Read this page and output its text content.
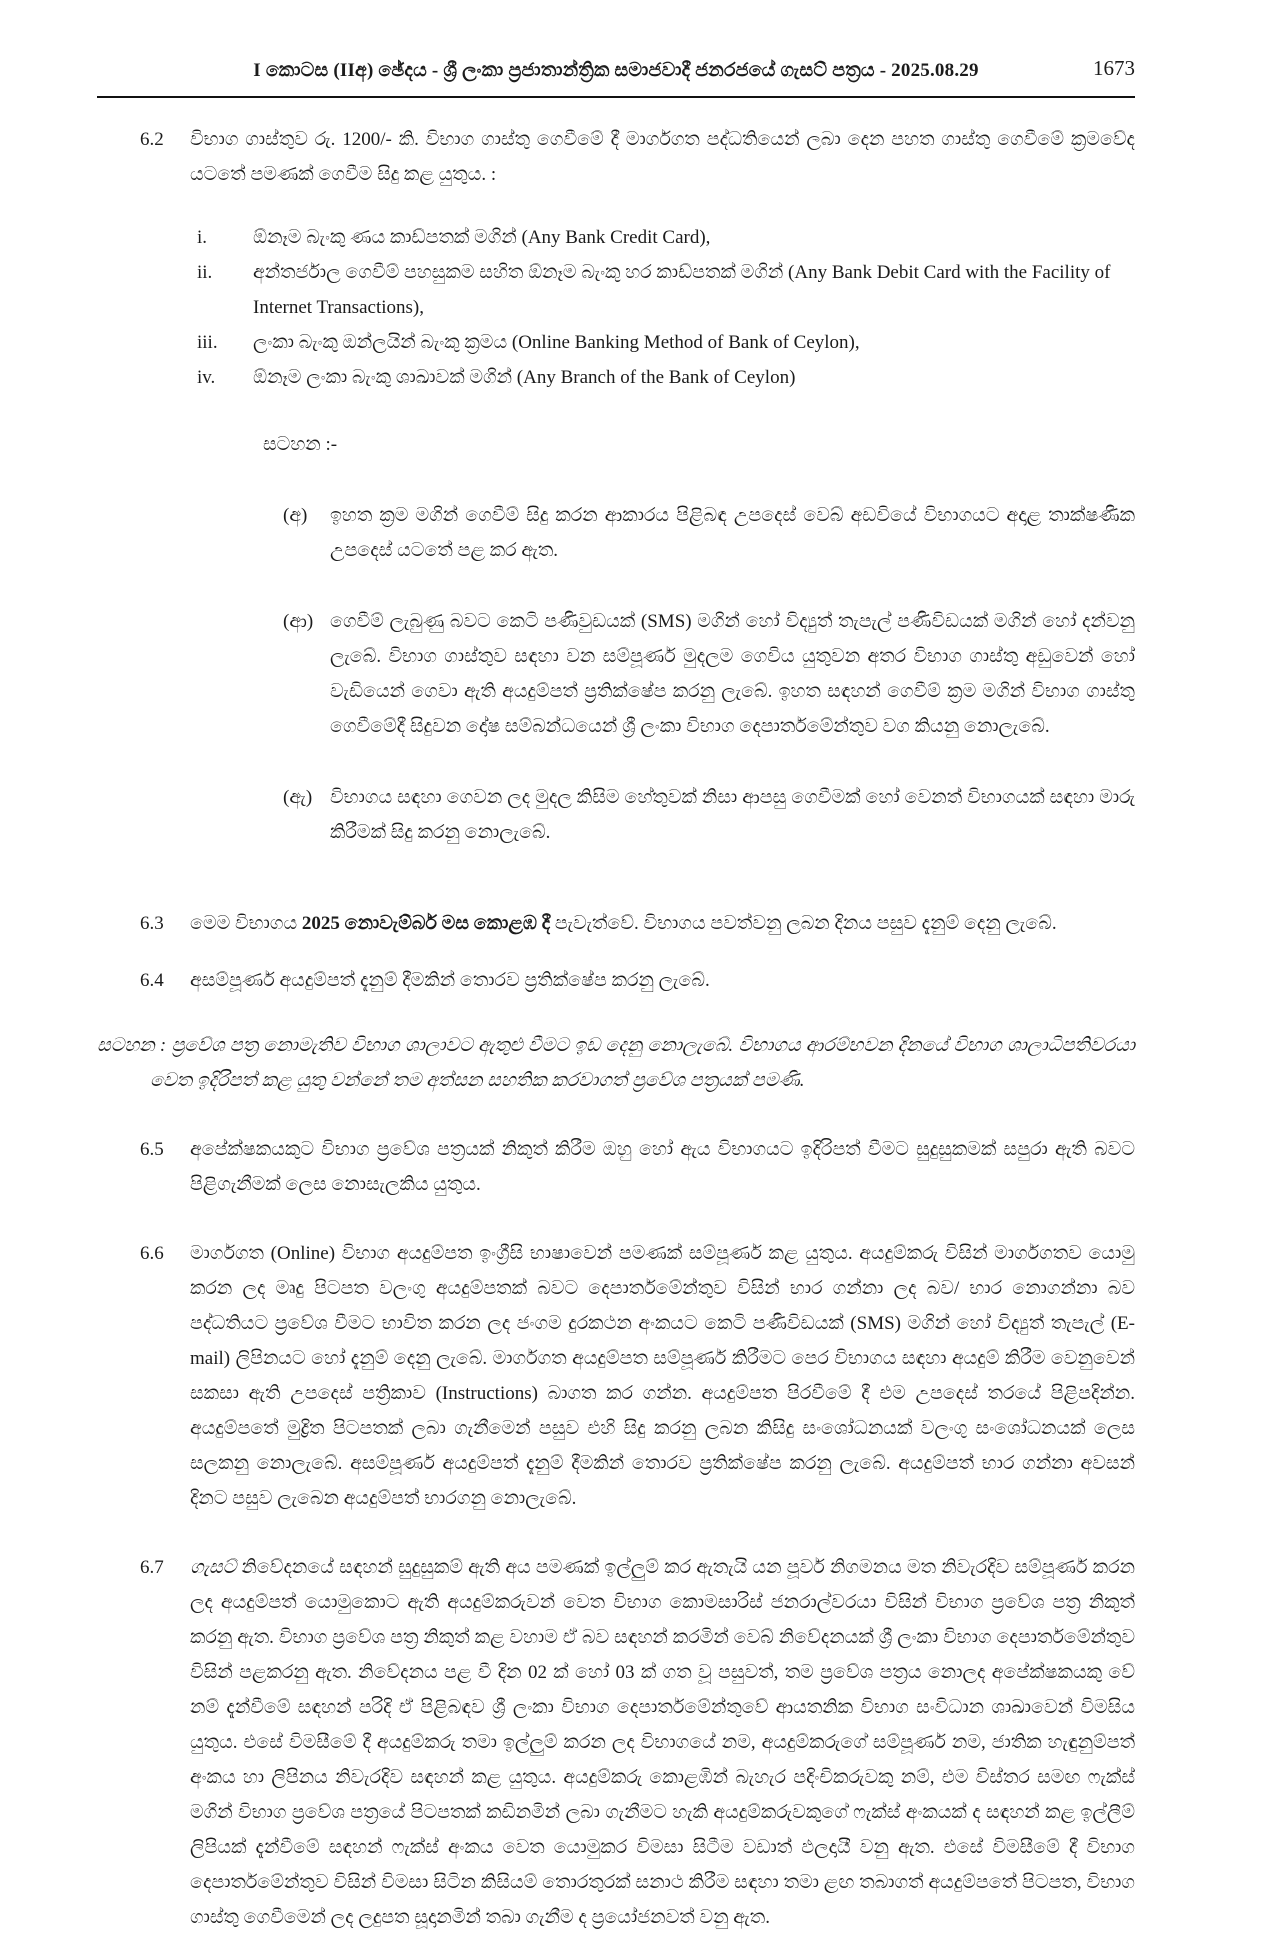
I කොටස (IIඅ) ඡේදය - ශ්‍රී ලංකා ප්‍රජාතාන්ත්‍රික සමාජවාදී ජනරජයේ ගැසට් පත්‍රය - 2025.08.29	1673
6.2	විභාග ගාස්තුව රු. 1200/- කි. විභාග ගාස්තු ගෙවීමේ දී මාර්ගගත පද්ධතියෙන් ලබා දෙන පහත ගාස්තු ගෙවීමේ ක්‍රමවේද යටතේ පමණක් ගෙවීම සිදු කළ යුතුය. :
i.	ඕනෑම බැංකු ණය කාඩ්පතක් මගින් (Any Bank Credit Card),
ii.	අන්තර්ජාල ගෙවීම් පහසුකම සහිත ඕනෑම බැංකු හර කාඩ්පතක් මගින් (Any Bank Debit Card with the Facility of Internet Transactions),
iii.	ලංකා බැංකු ඔන්ලයින් බැංකු ක්‍රමය (Online Banking Method of Bank of Ceylon),
iv.	ඕනෑම ලංකා බැංකු ශාඛාවක් මගින් (Any Branch of the Bank of Ceylon)
සටහන :-
(අ)	ඉහත ක්‍රම මගින් ගෙවීම් සිදු කරන ආකාරය පිළිබඳ උපදෙස් වෙබ් අඩවියේ විභාගයට අදාළ තාක්ෂණික උපදෙස් යටතේ පළ කර ඇත.
(ආ) ගෙවීම් ලැබුණු බවට කෙටි පණිවුඩයක් (SMS) මගින් හෝ විද්‍යුත් තැපැල් පණිවිඩයක් මගින් හෝ දන්වනු ලැබේ. විභාග ගාස්තුව සඳහා වන සම්පූර්ණ මුදලම ගෙවිය යුතුවන අතර විභාග ගාස්තු අඩුවෙන් හෝ වැඩියෙන් ගෙවා ඇති අයදුම්පත් ප්‍රතික්ෂේප කරනු ලැබේ. ඉහත සඳහන් ගෙවීම් ක්‍රම මගින් විභාග ගාස්තු ගෙවීමේදී සිදුවන දෝෂ සම්බන්ධයෙන් ශ්‍රී ලංකා විභාග දෙපාර්තමේන්තුව වග කියනු නොලැබේ.
(ඇ) විභාගය සඳහා ගෙවන ලද මුදල කිසිම හේතුවක් නිසා ආපසු ගෙවීමක් හෝ වෙනත් විභාගයක් සඳහා මාරු කිරීමක් සිදු කරනු නොලැබේ.
6.3	මෙම විභාගය 2025 නොවැම්බර් මස කොළඹ දී පැවැත්වේ. විභාගය පවත්වනු ලබන දිනය පසුව දැනුම් දෙනු ලැබේ.
6.4	අසම්පූර්ණ අයදුම්පත් දැනුම් දීමකින් තොරව ප්‍රතික්ෂේප කරනු ලැබේ.

සටහන : ප්‍රවේශ පත්‍ර නොමැතිව විභාග ශාලාවට ඇතුළු වීමට ඉඩ දෙනු නොලැබේ. විභාගය ආරම්භවන දිනයේ විභාග ශාලාධිපතිවරයා වෙත ඉදිරිපත් කළ යුතු වන්නේ තම අත්සන සහතික කරවාගත් ප්‍රවේශ පත්‍රයක් පමණි.

6.5	අපේක්ෂකයකුට විභාග ප්‍රවේශ පත්‍රයක් නිකුත් කිරීම ඔහු හෝ ඇය විභාගයට ඉදිරිපත් වීමට සුදුසුකමක් සපුරා ඇති බවට පිළිගැනීමක් ලෙස නොසැලකිය යුතුය.
6.6	මාර්ගගත (Online) විභාග අයදුම්පත ඉංග්‍රීසි භාෂාවෙන් පමණක් සම්පූර්ණ කළ යුතුය. අයදුම්කරු විසින් මාර්ගගතව යොමු කරන ලද මෘදු පිටපත වලංගු අයදුම්පතක් බවට දෙපාර්තමේන්තුව විසින් භාර ගන්නා ලද බව/ භාර නොගන්නා බව පද්ධතියට ප්‍රවේශ වීමට භාවිත කරන ලද ජංගම දුරකථන අංකයට කෙටි පණිවිඩයක් (SMS) මගින් හෝ විද්‍යුත් තැපැල් (E-mail) ලිපිනයට හෝ දැනුම් දෙනු ලැබේ. මාර්ගගත අයදුම්පත සම්පූර්ණ කිරීමට පෙර විභාගය සඳහා අයදුම් කිරීම වෙනුවෙන් සකසා ඇති උපදෙස් පත්‍රිකාව (Instructions) බාගත කර ගන්න. අයදුම්පත පිරවීමේ දී එම උපදෙස් තරයේ පිළිපදින්න. අයදුම්පතේ මුද්‍රිත පිටපතක් ලබා ගැනීමෙන් පසුව එහි සිදු කරනු ලබන කිසිදු සංශෝධනයක් වලංගු සංශෝධනයක් ලෙස සලකනු නොලැබේ. අසම්පූර්ණ අයදුම්පත් දැනුම් දීමකින් තොරව ප්‍රතික්ෂේප කරනු ලැබේ. අයදුම්පත් භාර ගන්නා අවසන් දිනට පසුව ලැබෙන අයදුම්පත් භාරගනු නොලැබේ.
6.7	ගැසට් නිවේදනයේ සඳහන් සුදුසුකම් ඇති අය පමණක් ඉල්ලුම් කර ඇතැයි යන පූර්ව නිගමනය මත නිවැරදිව සම්පූර්ණ කරන ලද අයදුම්පත් යොමුකොට ඇති අයදුම්කරුවන් වෙත විභාග කොමසාරිස් ජනරාල්වරයා විසින් විභාග ප්‍රවේශ පත්‍ර නිකුත් කරනු ඇත. විභාග ප්‍රවේශ පත්‍ර නිකුත් කළ වහාම ඒ බව සඳහන් කරමින් වෙබ් නිවේදනයක් ශ්‍රී ලංකා විභාග දෙපාර්තමේන්තුව විසින් පළකරනු ඇත. නිවේදනය පළ වී දින 02 ක් හෝ 03 ක් ගත වූ පසුවත්, තම ප්‍රවේශ පත්‍රය නොලද අපේක්ෂකයකු වේ නම් දැන්වීමේ සඳහන් පරිදි ඒ පිළිබඳව ශ්‍රී ලංකා විභාග දෙපාර්තමේන්තුවේ ආයතනික විභාග සංවිධාන ශාඛාවෙන් විමසිය යුතුය. එසේ විමසීමේ දී අයදුම්කරු තමා ඉල්ලුම් කරන ලද විභාගයේ නම, අයදුම්කරුගේ සම්පූර්ණ නම, ජාතික හැඳුනුම්පත් අංකය හා ලිපිනය නිවැරදිව සඳහන් කළ යුතුය. අයදුම්කරු කොළඹින් බැහැර පදිංචිකරුවකු නම්, එම විස්තර සමඟ ෆැක්ස් මගින් විභාග ප්‍රවේශ පත්‍රයේ පිටපතක් කඩිනමින් ලබා ගැනීමට හැකි අයදුම්කරුවකුගේ ෆැක්ස් අංකයක් ද සඳහන් කළ ඉල්ලීම් ලිපියක් දැන්වීමේ සඳහන් ෆැක්ස් අංකය වෙත යොමුකර විමසා සිටීම වඩාත් ඵලදායී වනු ඇත. එසේ විමසීමේ දී විභාග දෙපාර්තමේන්තුව විසින් විමසා සිටින කිසියම් තොරතුරක් සනාථ කිරීම සඳහා තමා ළඟ තබාගත් අයදුම්පතේ පිටපත, විභාග ගාස්තු ගෙවීමෙන් ලද ලදුපත සූදානමින් තබා ගැනීම ද ප්‍රයෝජනවත් වනු ඇත.
